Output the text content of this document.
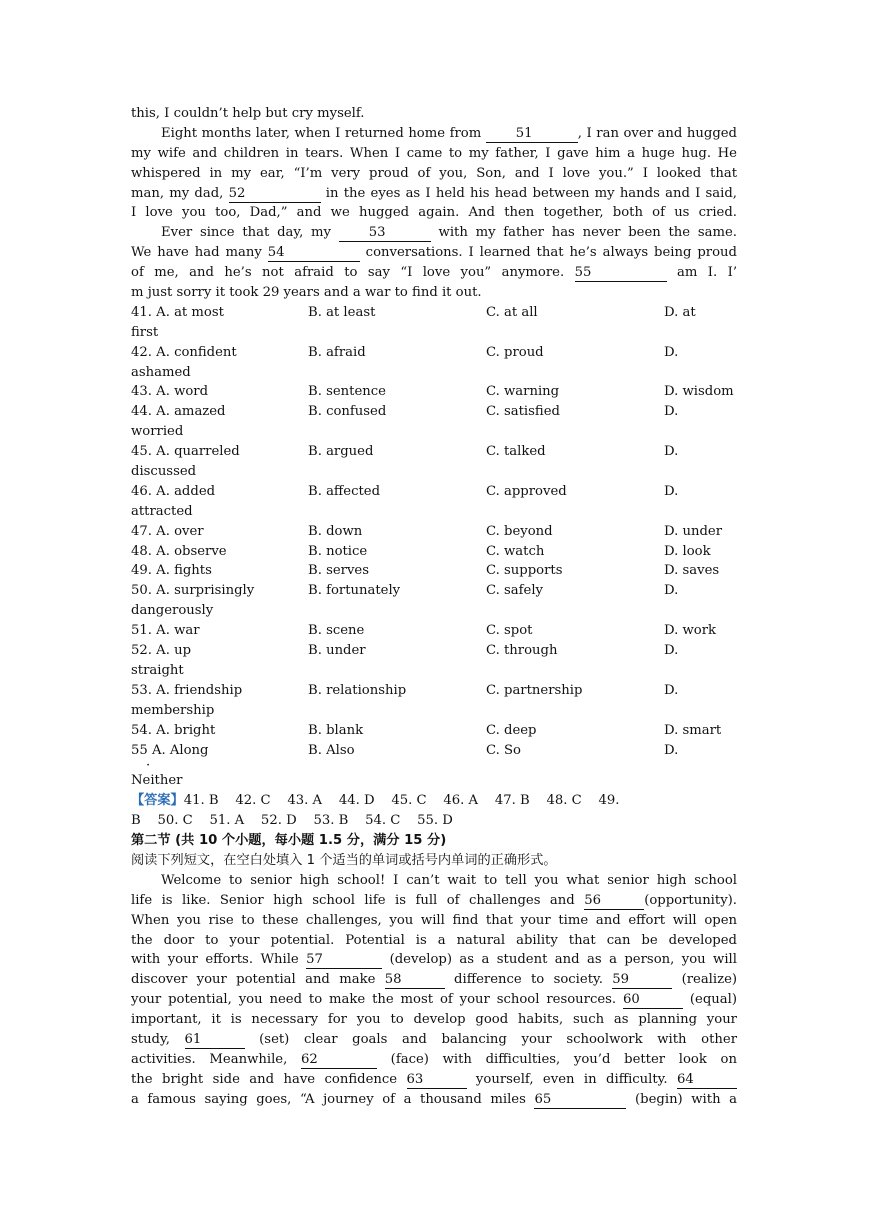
this, I couldn’t help but cry myself.
Eight months later, when I returned home from 51	, I ran over and hugged
my wife and children in tears. When I came to my father, I gave him a huge hug. He
whispered in my ear, “I’m very proud of you, Son, and I love you.” I looked that
man, my dad, 52	in the eyes as I held his head between my hands and I said,
I love you too, Dad,” and we hugged again. And then together, both of us cried.
Ever since that day, my 53	with my father has never been the same.
We have had many 54	conversations. I learned that he’s always being proud
of me, and he’s not afraid to say “I love you” anymore. 55	am I. I’
m just sorry it took 29 years and a war to find it out.
41. A. at most	B. at least	C. at all	D. at
first
42. A. confident	B. afraid	C. proud	D.
ashamed
43. A. word	B. sentence	C. warning	D. wisdom
44. A. amazed	B. confused	C. satisfied	D.
worried
45. A. quarreled	B. argued	C. talked	D.
discussed
46. A. added	B. affected	C. approved	D.
attracted
47. A. over	B. down	C. beyond	D. under
48. A. observe	B. notice	C. watch	D. look
49. A. fights	B. serves	C. supports	D. saves
50. A. surprisingly	B. fortunately	C. safely	D.
dangerously
51. A. war	B. scene	C. spot	D. work
52. A. up	B. under	C. through	D.
straight
53. A. friendship	B. relationship	C. partnership	D.
membership
54. A. bright	B. blank	C. deep	D. smart
55 A. Along	B. Also	C. So	D.
·
Neither
【答案】41. B    42. C    43. A    44. D    45. C    46. A    47. B    48. C    49.
B    50. C    51. A    52. D    53. B    54. C    55. D
第二节 (共 10 个小题，每小题 1.5 分，满分 15 分)
阅读下列短文，在空白处填入 1 个适当的单词或括号内单词的正确形式。
Welcome to senior high school! I can’t wait to tell you what senior high school
life is like. Senior high school life is full of challenges and 56	(opportunity).
When you rise to these challenges, you will find that your time and effort will open
the door to your potential. Potential is a natural ability that can be developed
with your efforts. While 57	(develop) as a student and as a person, you will
discover your potential and make 58	difference to society. 59	(realize)
your potential, you need to make the most of your school resources. 60	(equal)
important, it is necessary for you to develop good habits, such as planning your
study, 61	(set) clear goals and balancing your schoolwork with other
activities. Meanwhile, 62	(face) with difficulties, you’d better look on
the bright side and have confidence 63	yourself, even in difficulty. 64
a famous saying goes, “A journey of a thousand miles 65	(begin) with a
